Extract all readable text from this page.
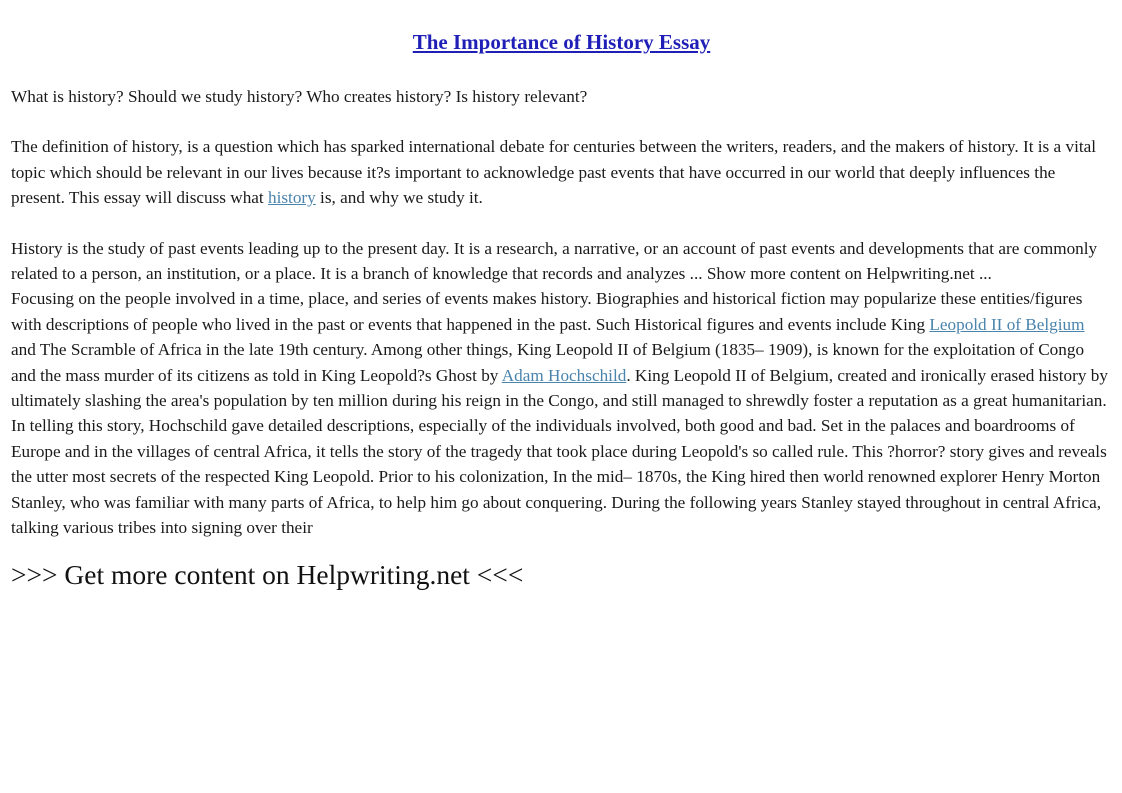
The Importance of History Essay

What is history? Should we study history? Who creates history? Is history relevant?

The definition of history, is a question which has sparked international debate for centuries between the writers, readers, and the makers of history. It is a vital topic which should be relevant in our lives because it?s important to acknowledge past events that have occurred in our world that deeply influences the present. This essay will discuss what history is, and why we study it.

History is the study of past events leading up to the present day. It is a research, a narrative, or an account of past events and developments that are commonly related to a person, an institution, or a place. It is a branch of knowledge that records and analyzes ... Show more content on Helpwriting.net ...

Focusing on the people involved in a time, place, and series of events makes history. Biographies and historical fiction may popularize these entities/figures with descriptions of people who lived in the past or events that happened in the past. Such Historical figures and events include King Leopold II of Belgium and The Scramble of Africa in the late 19th century. Among other things, King Leopold II of Belgium (1835– 1909), is known for the exploitation of Congo and the mass murder of its citizens as told in King Leopold?s Ghost by Adam Hochschild. King Leopold II of Belgium, created and ironically erased history by ultimately slashing the area's population by ten million during his reign in the Congo, and still managed to shrewdly foster a reputation as a great humanitarian. In telling this story, Hochschild gave detailed descriptions, especially of the individuals involved, both good and bad. Set in the palaces and boardrooms of Europe and in the villages of central Africa, it tells the story of the tragedy that took place during Leopold's so called rule. This ?horror? story gives and reveals the utter most secrets of the respected King Leopold. Prior to his colonization, In the mid– 1870s, the King hired then world renowned explorer Henry Morton Stanley, who was familiar with many parts of Africa, to help him go about conquering. During the following years Stanley stayed throughout in central Africa, talking various tribes into signing over their

>>> Get more content on Helpwriting.net <<<
